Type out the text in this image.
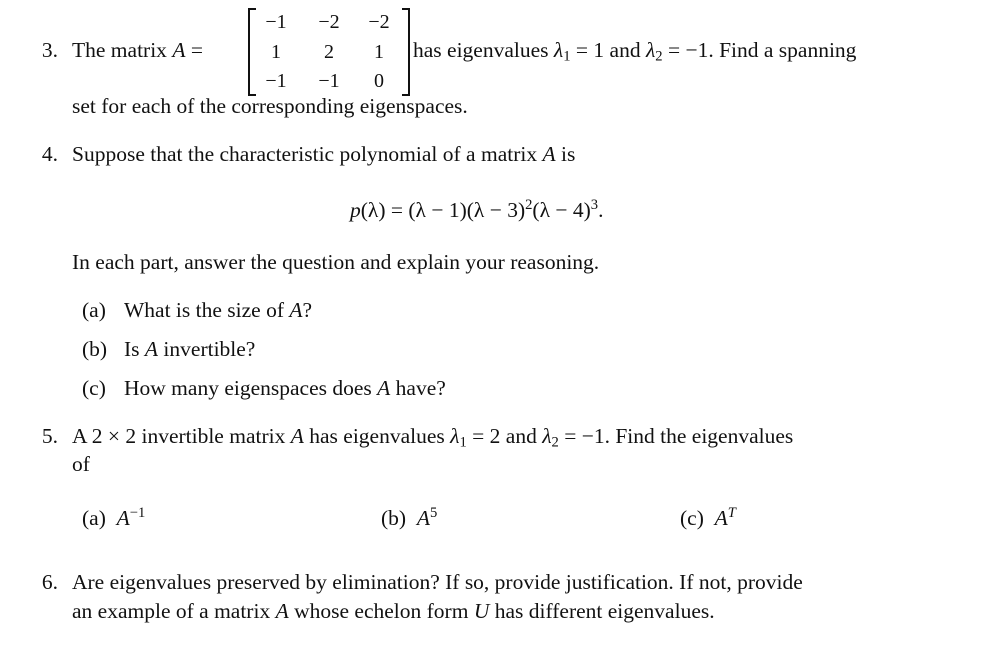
3. The matrix A =
−1	−2	−2
1	2	1
−1	−1	0
has eigenvalues $\lambda_1 = 1$ and $\lambda_2 = -1$. Find a spanning
set for each of the corresponding eigenspaces.
4. Suppose that the characteristic polynomial of a matrix A is
$p(\lambda) = (\lambda - 1)(\lambda - 3)^2(\lambda - 4)^3$.
In each part, answer the question and explain your reasoning.
(a) What is the size of A?
(b) Is A invertible?
(c) How many eigenspaces does A have?
5. A 2 × 2 invertible matrix A has eigenvalues $\lambda_1 = 2$ and $\lambda_2 = -1$. Find the eigenvalues
of
(a) $A^{-1}$	(b) $A^5$	(c) $A^T$
6. Are eigenvalues preserved by elimination? If so, provide justification. If not, provide
an example of a matrix A whose echelon form U has different eigenvalues.
